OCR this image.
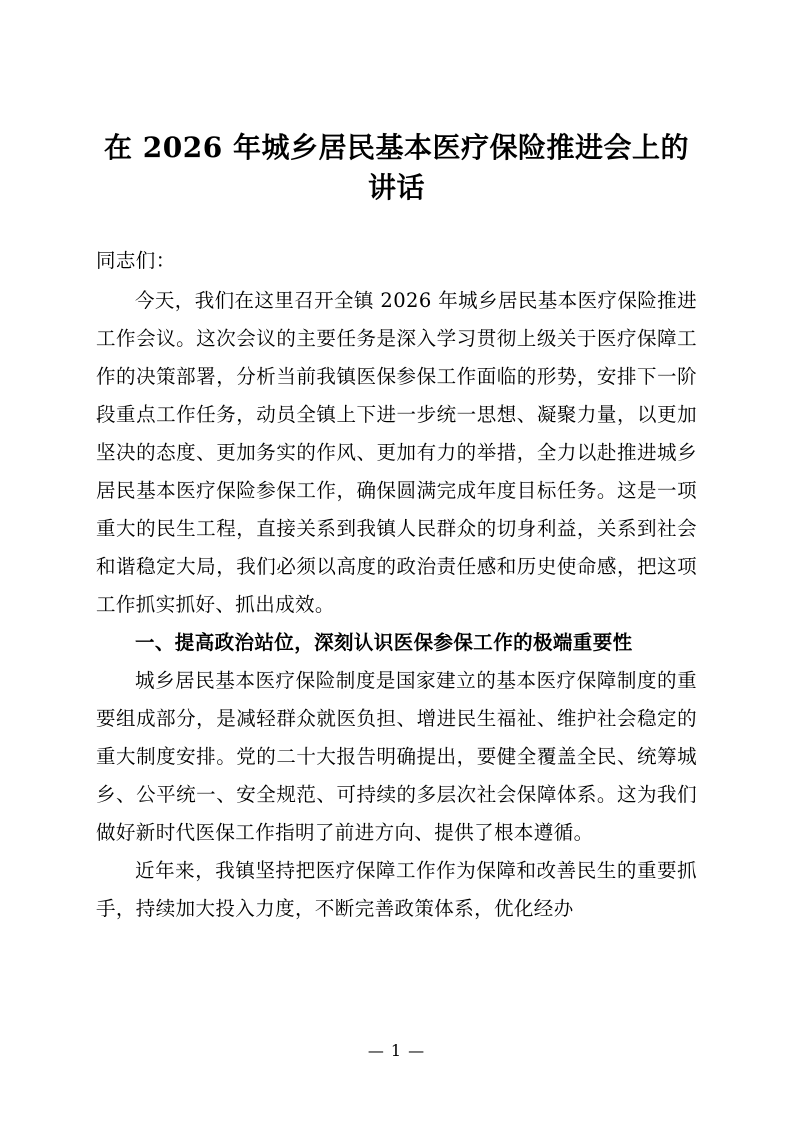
在 2026 年城乡居民基本医疗保险推进会上的讲话
同志们：

今天，我们在这里召开全镇 2026 年城乡居民基本医疗保险推进工作会议。这次会议的主要任务是深入学习贯彻上级关于医疗保障工作的决策部署，分析当前我镇医保参保工作面临的形势，安排下一阶段重点工作任务，动员全镇上下进一步统一思想、凝聚力量，以更加坚决的态度、更加务实的作风、更加有力的举措，全力以赴推进城乡居民基本医疗保险参保工作，确保圆满完成年度目标任务。这是一项重大的民生工程，直接关系到我镇人民群众的切身利益，关系到社会和谐稳定大局，我们必须以高度的政治责任感和历史使命感，把这项工作抓实抓好、抓出成效。

一、提高政治站位，深刻认识医保参保工作的极端重要性

城乡居民基本医疗保险制度是国家建立的基本医疗保障制度的重要组成部分，是减轻群众就医负担、增进民生福祉、维护社会稳定的重大制度安排。党的二十大报告明确提出，要健全覆盖全民、统筹城乡、公平统一、安全规范、可持续的多层次社会保障体系。这为我们做好新时代医保工作指明了前进方向、提供了根本遵循。

近年来，我镇坚持把医疗保障工作作为保障和改善民生的重要抓手，持续加大投入力度，不断完善政策体系，优化经办

— 1 —
